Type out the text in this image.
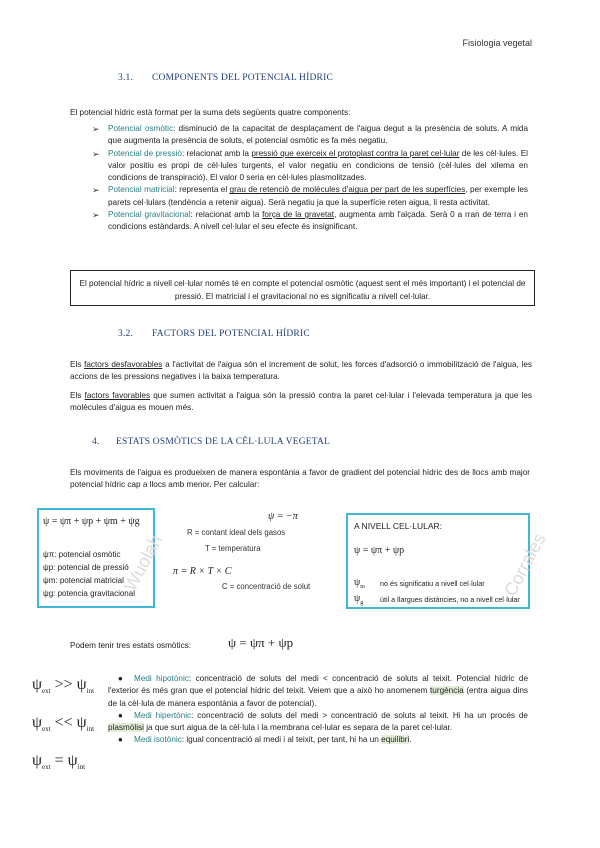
Fisiologia vegetal
3.1. COMPONENTS DEL POTENCIAL HÍDRIC
El potencial hídric està format per la suma dels següents quatre components:
➢ Potencial osmòtic: disminució de la capacitat de desplaçament de l'aigua degut a la presència de soluts. A mida que augmenta la presència de soluts, el potencial osmòtic es fa més negatiu.
➢ Potencial de pressió: relacionat amb la pressió que exerceix el protoplast contra la paret cel·lular de les cèl·lules. El valor positiu es propi de cèl·lules turgents, el valor negatiu en condicions de tensió (cèl·lules del xilema en condicions de transpiració). El valor 0 seria en cèl·lules plasmolitzades.
➢ Potencial matricial: representa el grau de retenció de molècules d'aigua per part de les superfícies, per exemple les parets cel·lulars (tendència a retenir aigua). Serà negatiu ja que la superfície reten aigua, li resta activitat.
➢ Potencial gravitacional: relacionat amb la força de la gravetat, augmenta amb l'alçada. Serà 0 a rran de terra i en condicions estàndards. A nivell cel·lular el seu efecte és insignificant.
El potencial hídric a nivell cel·lular només té en compte el potencial osmòtic (aquest sent el més important) i el potencial de pressió. El matricial i el gravitacional no es significatiu a nivell cel·lular.
3.2. FACTORS DEL POTENCIAL HÍDRIC
Els factors desfavorables a l'activitat de l'aigua són el increment de solut, les forces d'adsorció o immobilització de l'aigua, les accions de les pressions negatives i la baixa temperatura.
Els factors favorables que sumen activitat a l'aigua són la pressió contra la paret cel·lular i l'elevada temperatura ja que les molècules d'aigua es mouen més.
4. ESTATS OSMÒTICS DE LA CÈL·LULA VEGETAL
Els moviments de l'aigua es produeixen de manera espontània a favor de gradient del potencial hídric des de llocs amb major potencial hídric cap a llocs amb menor. Per calcular:
ψ = ψπ + ψp + ψm + ψg
ψπ: potencial osmòtic
ψp: potencial de pressió
ψm: potencial matricial
ψg: potencia gravitacional
ψ = −π
R = contant ideal dels gasos
T = temperatura
π = R × T × C
C = concentració de solut
A NIVELL CEL·LULAR:
ψ = ψπ + ψp
$\psi_m$ no és significatiu a nivell cel·lular
$\psi_g$ útil a llargues distàncies, no a nivell cel·lular
Wuolah	Corrales
Podem tenir tres estats osmòtics:	ψ = ψπ + ψp
$\psi_{ext} >> \psi_{int}$
$\psi_{ext} << \psi_{int}$
$\psi_{ext} = \psi_{int}$
● Medi hipotònic: concentració de soluts del medi < concentració de soluts al teixit. Potencial hídric de l'exterior és més gran que el potencial hídric del teixit. Veiem que a això ho anomenem turgència (entra aigua dins de la cèl·lula de manera espontània a favor de potencial).
● Medi hipertònic: concentració de soluts del medi > concentració de soluts al teixit. Hi ha un procés de plasmòlisi ja que surt aigua de la cèl·lula i la membrana cel·lular es separa de la paret cel·lular.
● Medi isotònic: igual concentració al medi i al teixit, per tant, hi ha un equilibri.
